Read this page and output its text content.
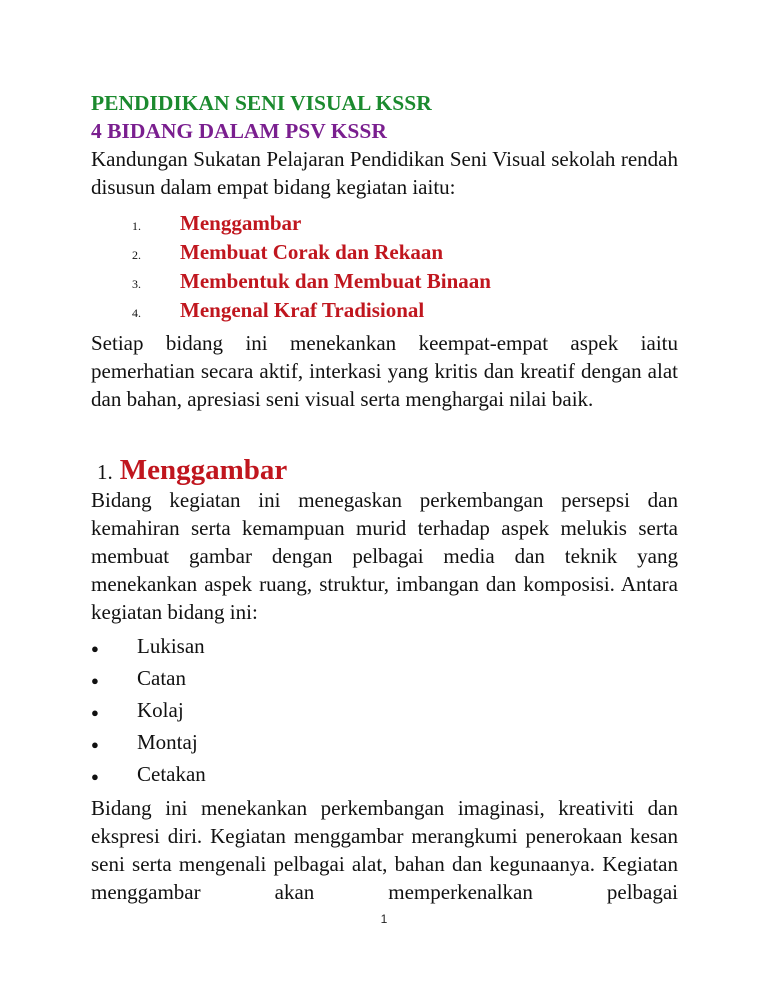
PENDIDIKAN SENI VISUAL KSSR
4 BIDANG DALAM PSV KSSR
Kandungan Sukatan Pelajaran Pendidikan Seni Visual sekolah rendah disusun dalam empat bidang kegiatan iaitu:
1.	Menggambar
2.	Membuat Corak dan Rekaan
3.	Membentuk dan Membuat Binaan
4.	Mengenal Kraf Tradisional
Setiap bidang ini menekankan keempat-empat aspek iaitu pemerhatian secara aktif, interkasi yang kritis dan kreatif dengan alat dan bahan, apresiasi seni visual serta menghargai nilai baik.
1. Menggambar
Bidang kegiatan ini menegaskan perkembangan persepsi dan kemahiran serta kemampuan murid terhadap aspek melukis serta membuat gambar dengan pelbagai media dan teknik yang menekankan aspek ruang, struktur, imbangan dan komposisi. Antara kegiatan bidang ini:
●	Lukisan
●	Catan
●	Kolaj
●	Montaj
●	Cetakan
Bidang ini menekankan perkembangan imaginasi, kreativiti dan ekspresi diri. Kegiatan menggambar merangkumi penerokaan kesan seni serta mengenali pelbagai alat, bahan dan kegunaanya. Kegiatan menggambar akan memperkenalkan pelbagai
1
